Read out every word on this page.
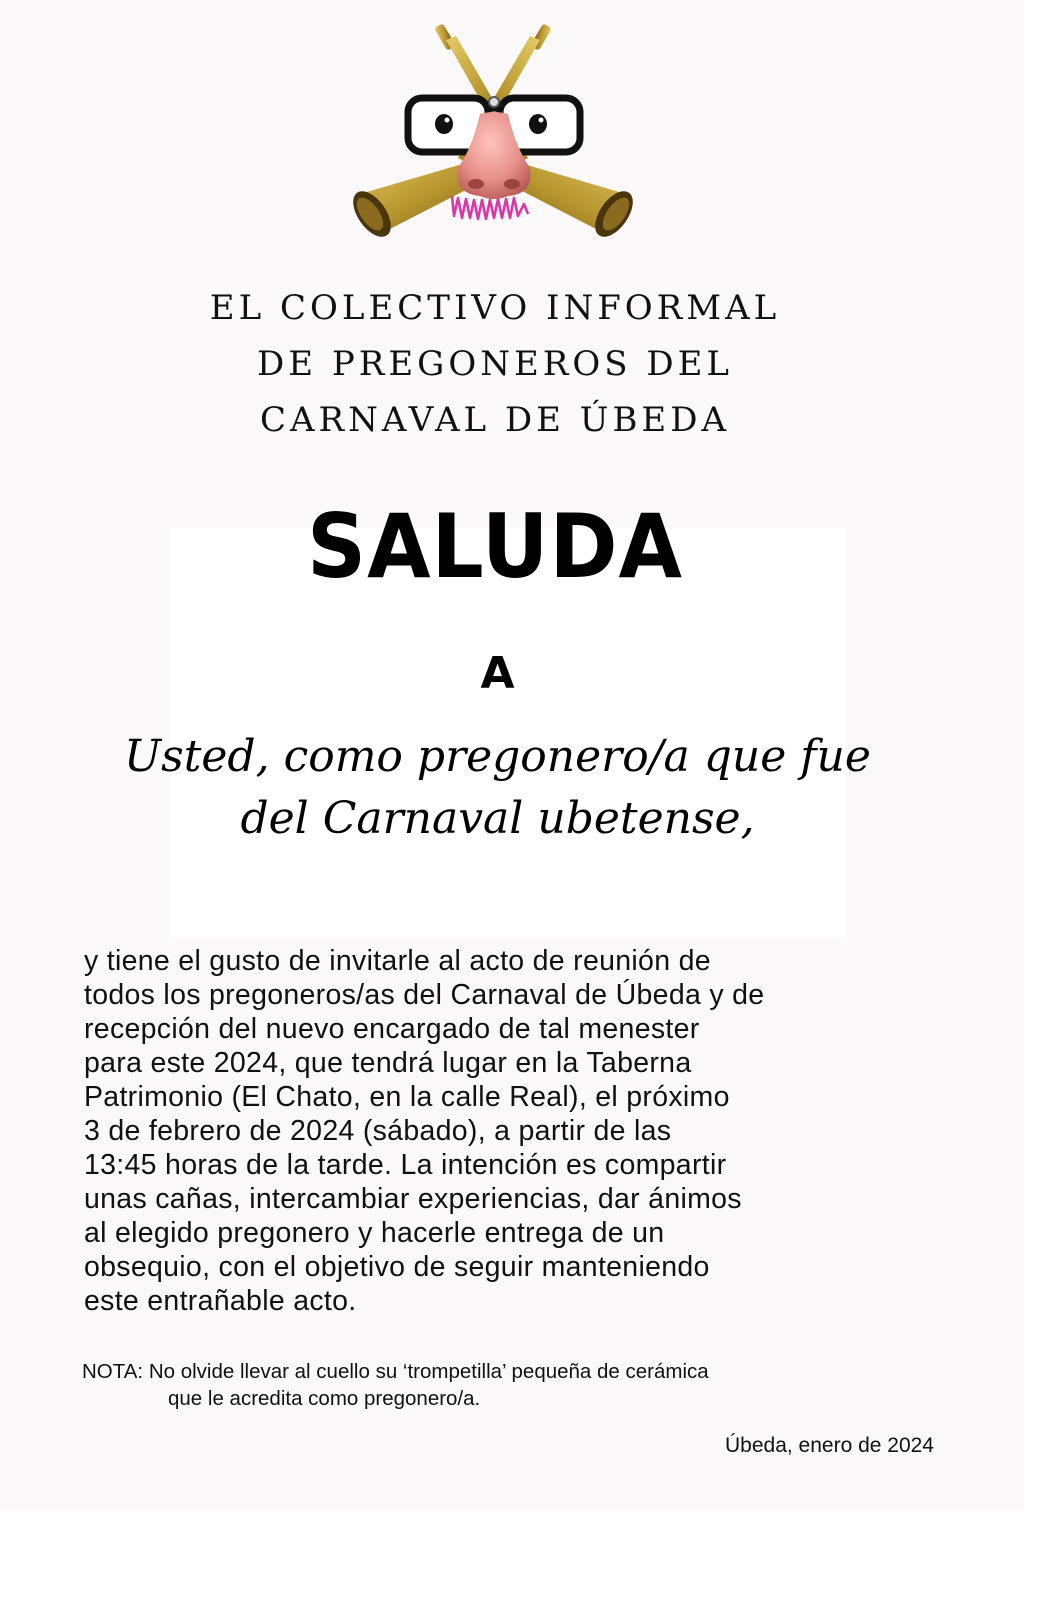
EL COLECTIVO INFORMAL
DE PREGONEROS DEL
CARNAVAL DE ÚBEDA
SALUDA
A
Usted, como pregonero/a que fue
del Carnaval ubetense,
y tiene el gusto de invitarle al acto de reunión de
todos los pregoneros/as del Carnaval de Úbeda y de
recepción del nuevo encargado de tal menester
para este 2024, que tendrá lugar en la Taberna
Patrimonio (El Chato, en la calle Real), el próximo
3 de febrero de 2024 (sábado), a partir de las
13:45 horas de la tarde. La intención es compartir
unas cañas, intercambiar experiencias, dar ánimos
al elegido pregonero y hacerle entrega de un
obsequio, con el objetivo de seguir manteniendo
este entrañable acto.
NOTA: No olvide llevar al cuello su ‘trompetilla’ pequeña de cerámica
que le acredita como pregonero/a.
Úbeda, enero de 2024
